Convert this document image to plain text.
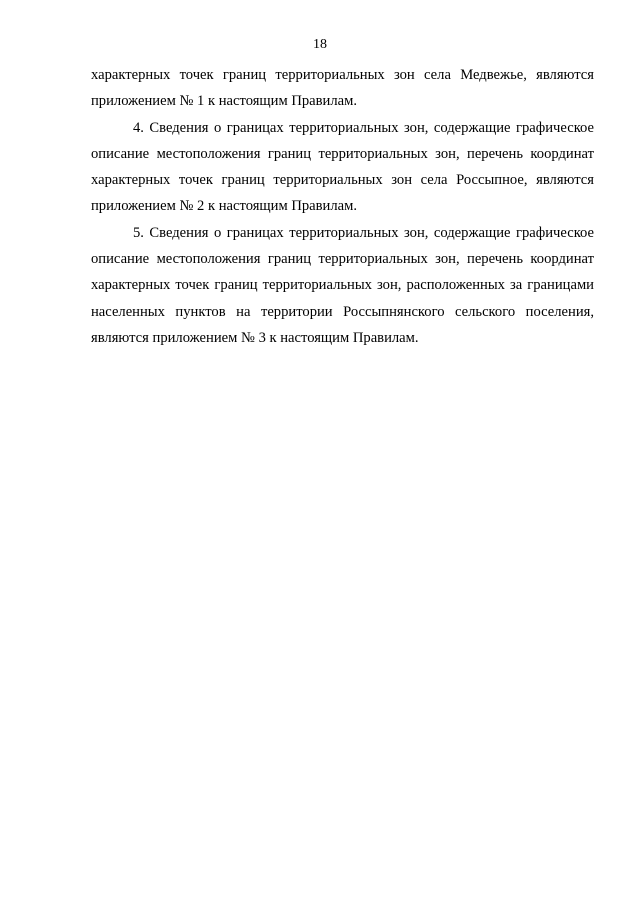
18

характерных точек границ территориальных зон села Медвежье, являются приложением № 1 к настоящим Правилам.

4. Сведения о границах территориальных зон, содержащие графическое описание местоположения границ территориальных зон, перечень координат характерных точек границ территориальных зон села Россыпное, являются приложением № 2 к настоящим Правилам.

5. Сведения о границах территориальных зон, содержащие графическое описание местоположения границ территориальных зон, перечень координат характерных точек границ территориальных зон, расположенных за границами населенных пунктов на территории Россыпнянского сельского поселения, являются приложением № 3 к настоящим Правилам.
